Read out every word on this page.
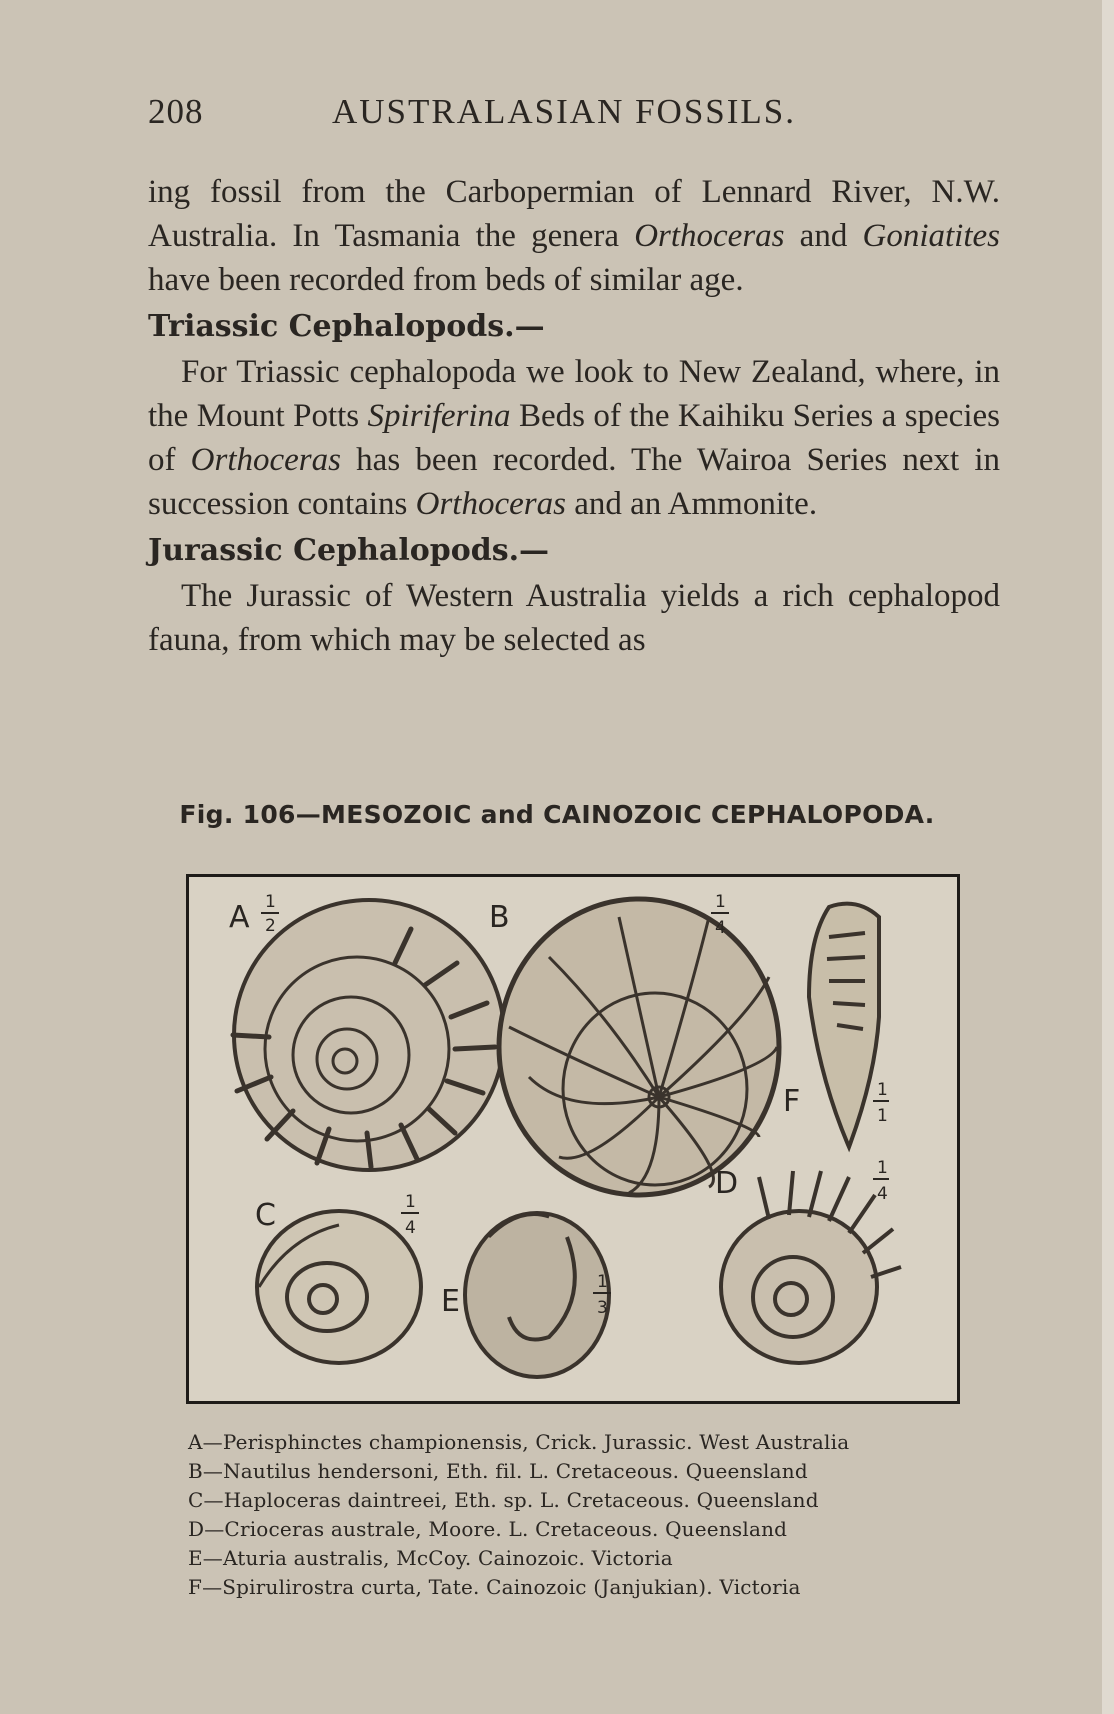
208	AUSTRALASIAN FOSSILS.

ing fossil from the Carbopermian of Lennard River, N.W. Australia. In Tasmania the genera Orthoceras and Goniatites have been recorded from beds of similar age.

Triassic Cephalopods.—

For Triassic cephalopoda we look to New Zealand, where, in the Mount Potts Spiriferina Beds of the Kaihiku Series a species of Orthoceras has been recorded. The Wairoa Series next in succession contains Orthoceras and an Ammonite.

Jurassic Cephalopods.—

The Jurassic of Western Australia yields a rich cephalopod fauna, from which may be selected as

Fig. 106—MESOZOIC and CAINOZOIC CEPHALOPODA.
A 1
2	B	1
4
F	1
1
C	1
4
E
1
3
D	1
4
A—Perisphinctes championensis, Crick. Jurassic. West Australia
B—Nautilus hendersoni, Eth. fil. L. Cretaceous. Queensland
C—Haploceras daintreei, Eth. sp. L. Cretaceous. Queensland
D—Crioceras australe, Moore. L. Cretaceous. Queensland
E—Aturia australis, McCoy. Cainozoic. Victoria
F—Spirulirostra curta, Tate. Cainozoic (Janjukian). Victoria
